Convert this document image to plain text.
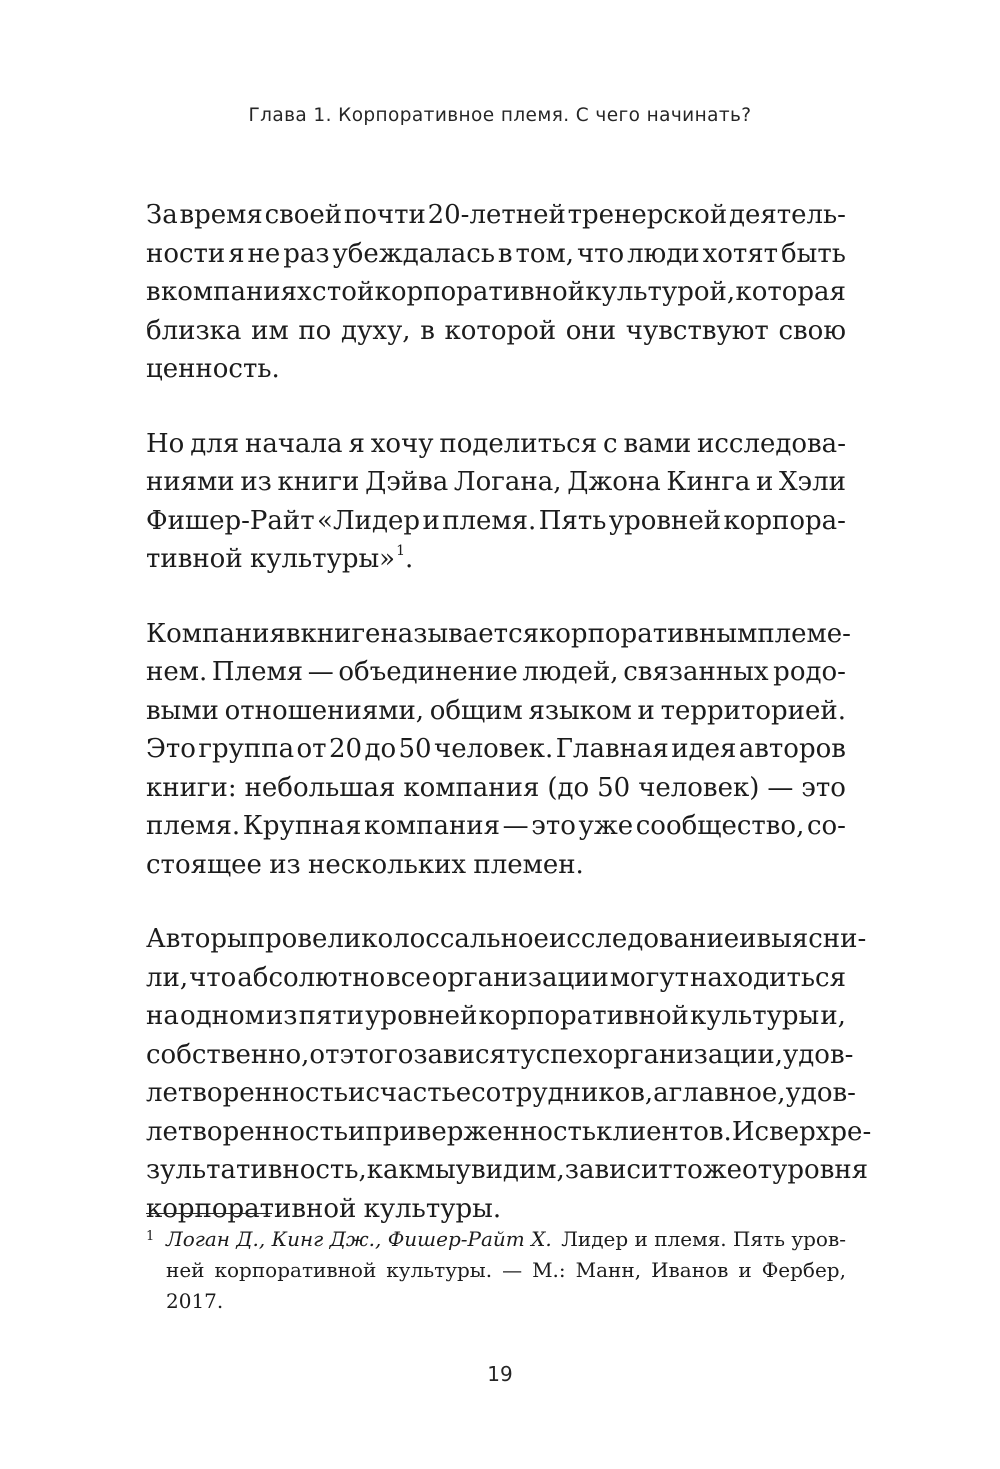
Глава 1. Корпоративное племя. С чего начинать?
За время своей почти 20-летней тренерской деятель-
ности я не раз убеждалась в том, что люди хотят быть
в компаниях с той корпоративной культурой, которая
близка им по духу, в которой они чувствуют свою
ценность.
Но для начала я хочу поделиться с вами исследова-
ниями из книги Дэйва Логана, Джона Кинга и Хэли
Фишер-Райт «Лидер и племя. Пять уровней корпора-
тивной культуры»$^1$.
Компания в книге называется корпоративным племе-
нем. Племя — объединение людей, связанных родо-
выми отношениями, общим языком и территорией.
Это группа от 20 до 50 человек. Главная идея авторов
книги: небольшая компания (до 50 человек) — это
племя. Крупная компания — это уже сообщество, со-
стоящее из нескольких племен.
Авторы провели колоссальное исследование и выясни-
ли, что абсолютно все организации могут находиться
на одном из пяти уровней корпоративной культуры и,
собственно, от этого зависят успех организации, удов-
летворенность и счастье сотрудников, а главное, удов-
летворенность и приверженность клиентов. И сверхре-
зультативность, как мы увидим, зависит тоже от уровня
корпоративной культуры.
1 Логан Д., Кинг Дж., Фишер-Райт Х. Лидер и племя. Пять уров-
ней корпоративной культуры. — М.: Манн, Иванов и Фербер,
2017.
19
